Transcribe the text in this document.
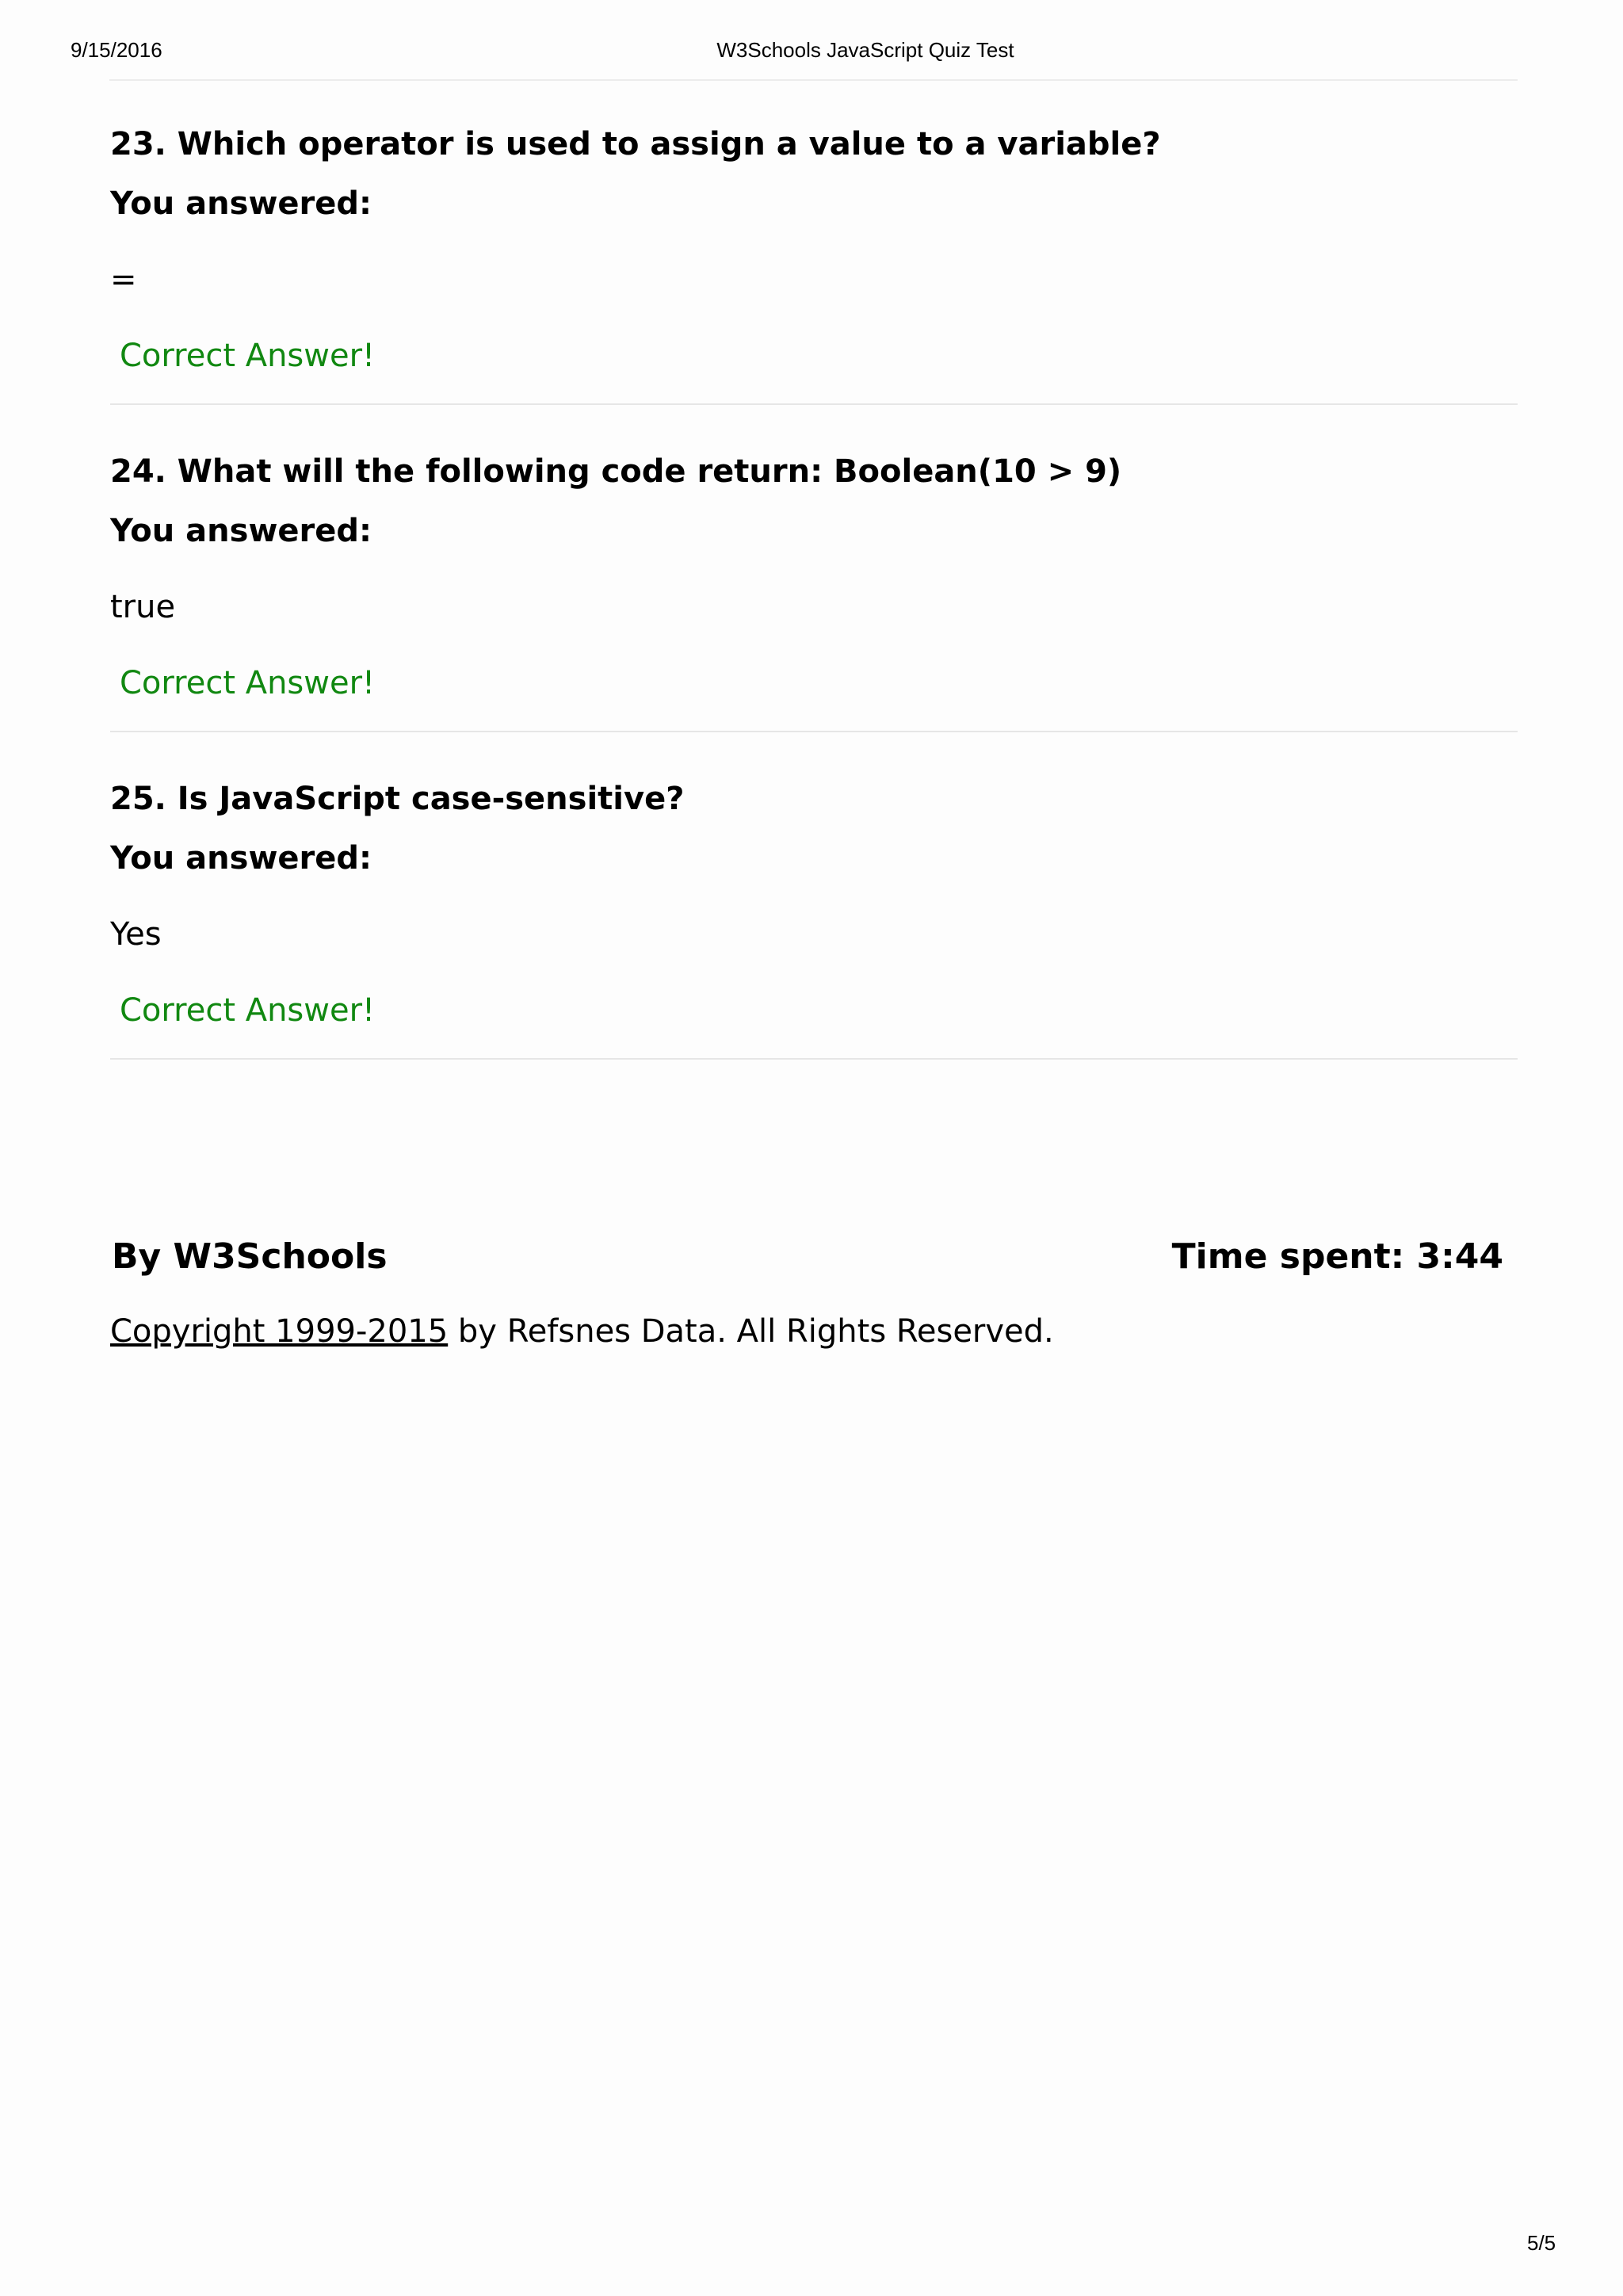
9/15/2016	W3Schools JavaScript Quiz Test

23. Which operator is used to assign a value to a variable?

You answered:

=

Correct Answer!

24. What will the following code return: Boolean(10 > 9)

You answered:

true

Correct Answer!

25. Is JavaScript case-sensitive?

You answered:

Yes

Correct Answer!

By W3Schools	Time spent: 3:44
Copyright 1999-2015 by Refsnes Data. All Rights Reserved.
5/5
